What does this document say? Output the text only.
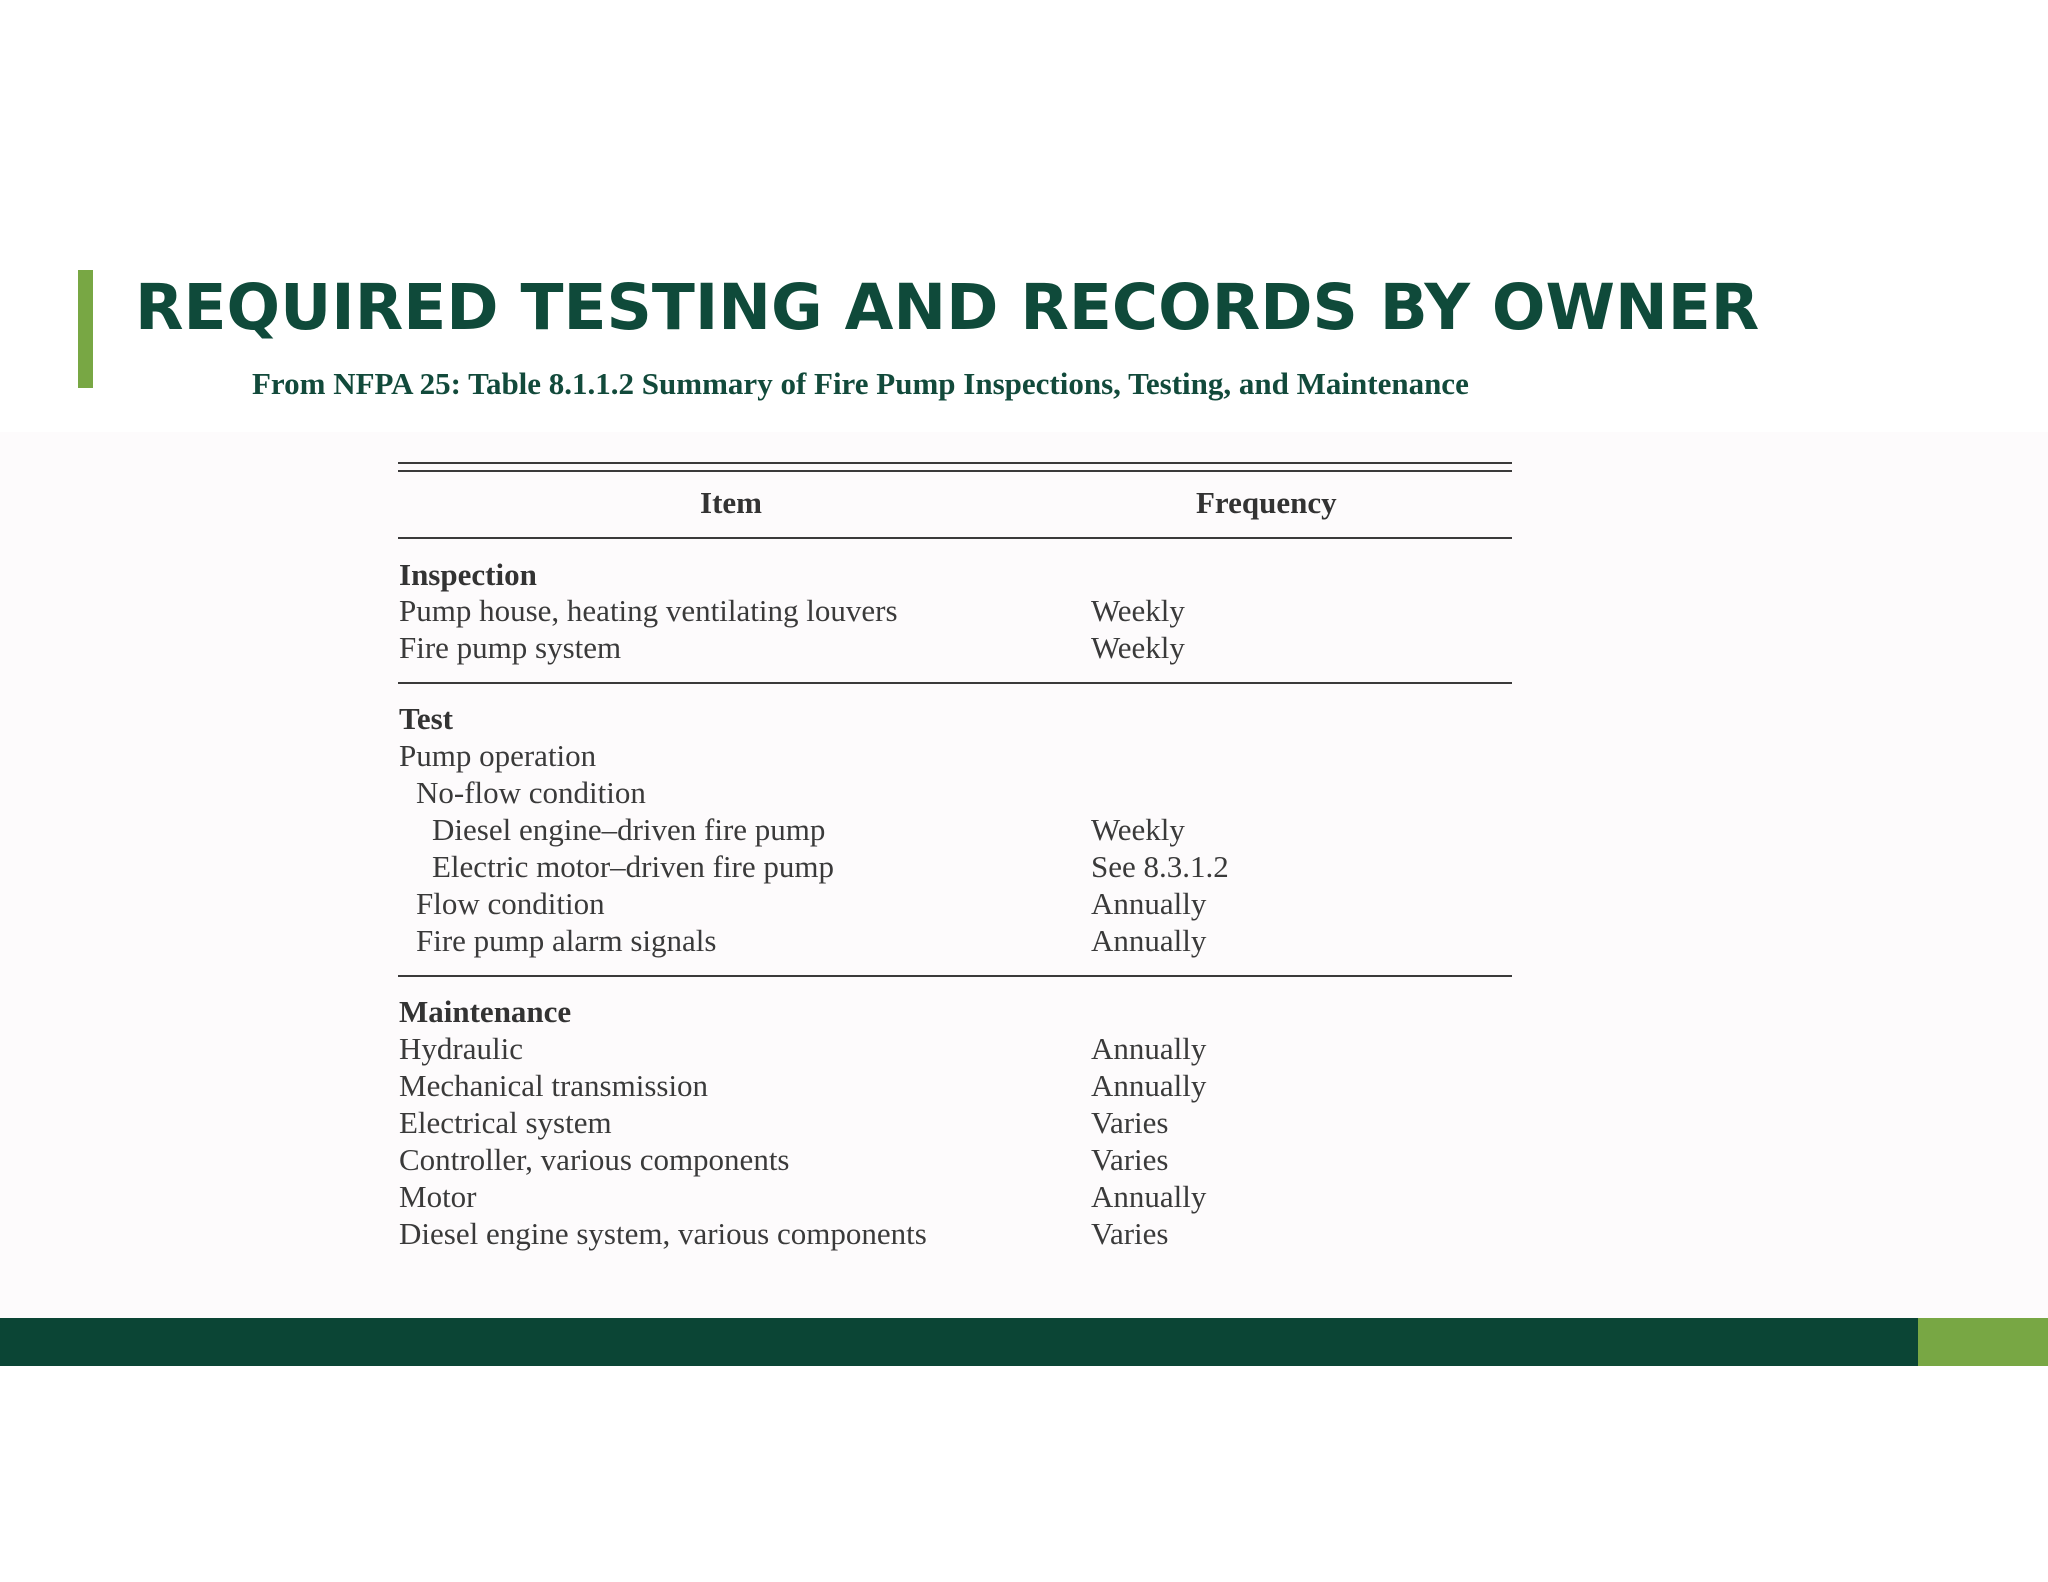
REQUIRED TESTING AND RECORDS BY OWNER
From NFPA 25: Table 8.1.1.2 Summary of Fire Pump Inspections, Testing, and Maintenance
Item	Frequency
Inspection
Pump house, heating ventilating louvers	Weekly
Fire pump system	Weekly
Test
Pump operation
No-flow condition
Diesel engine–driven fire pump	Weekly
Electric motor–driven fire pump	See 8.3.1.2
Flow condition	Annually
Fire pump alarm signals	Annually
Maintenance
Hydraulic	Annually
Mechanical transmission	Annually
Electrical system	Varies
Controller, various components	Varies
Motor	Annually
Diesel engine system, various components	Varies
